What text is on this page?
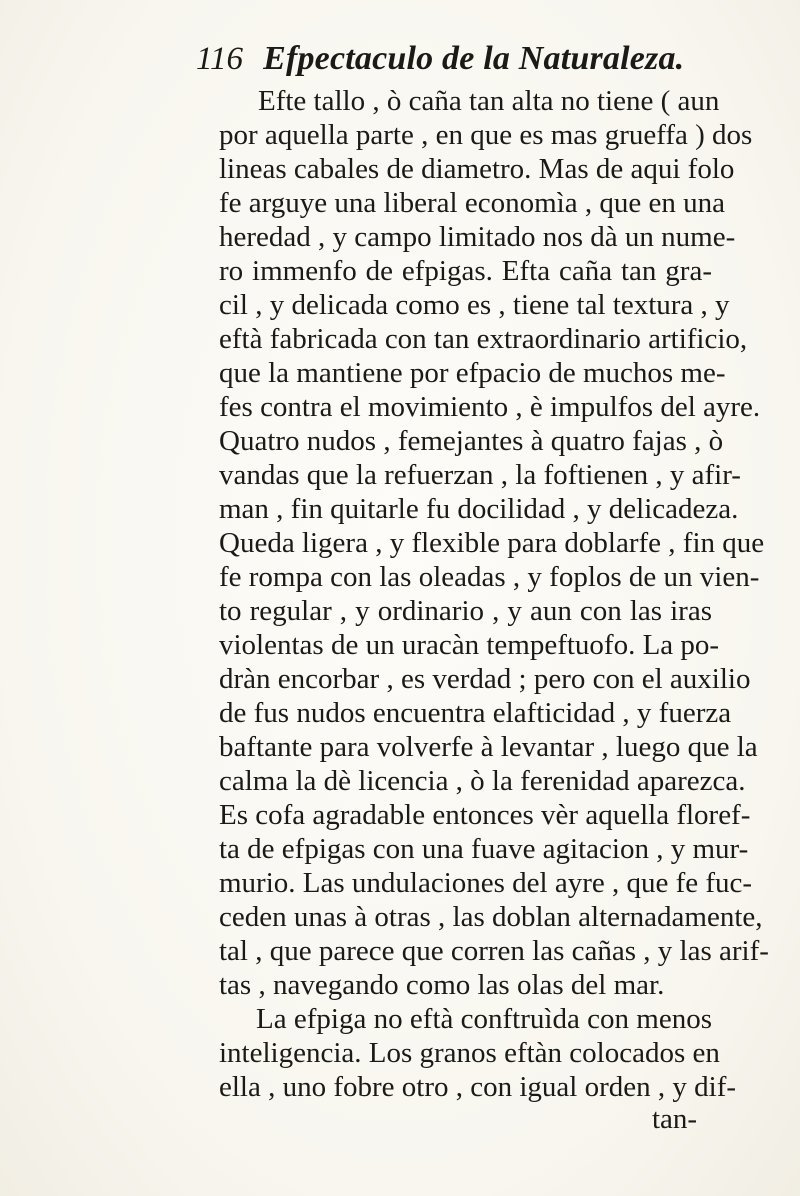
116 Efpectaculo de la Naturaleza.
Efte tallo , ò caña tan alta no tiene ( aun
por aquella parte , en que es mas grueffa ) dos
lineas cabales de diametro. Mas de aqui folo
fe arguye una liberal economìa , que en una
heredad , y campo limitado nos dà un nume-
ro immenfo de efpigas. Efta caña tan gra-
cil , y delicada como es , tiene tal textura , y
eftà fabricada con tan extraordinario artificio,
que la mantiene por efpacio de muchos me-
fes contra el movimiento , è impulfos del ayre.
Quatro nudos , femejantes à quatro fajas , ò
vandas que la refuerzan , la foftienen , y afir-
man , fin quitarle fu docilidad , y delicadeza.
Queda ligera , y flexible para doblarfe , fin que
fe rompa con las oleadas , y foplos de un vien-
to regular , y ordinario , y aun con las iras
violentas de un uracàn tempeftuofo. La po-
dràn encorbar , es verdad ; pero con el auxilio
de fus nudos encuentra elafticidad , y fuerza
baftante para volverfe à levantar , luego que la
calma la dè licencia , ò la ferenidad aparezca.
Es cofa agradable entonces vèr aquella floref-
ta de efpigas con una fuave agitacion , y mur-
murio. Las undulaciones del ayre , que fe fuc-
ceden unas à otras , las doblan alternadamente,
tal , que parece que corren las cañas , y las arif-
tas , navegando como las olas del mar.
La efpiga no eftà conftruìda con menos
inteligencia. Los granos eftàn colocados en
ella , uno fobre otro , con igual orden , y dif-
tan-
